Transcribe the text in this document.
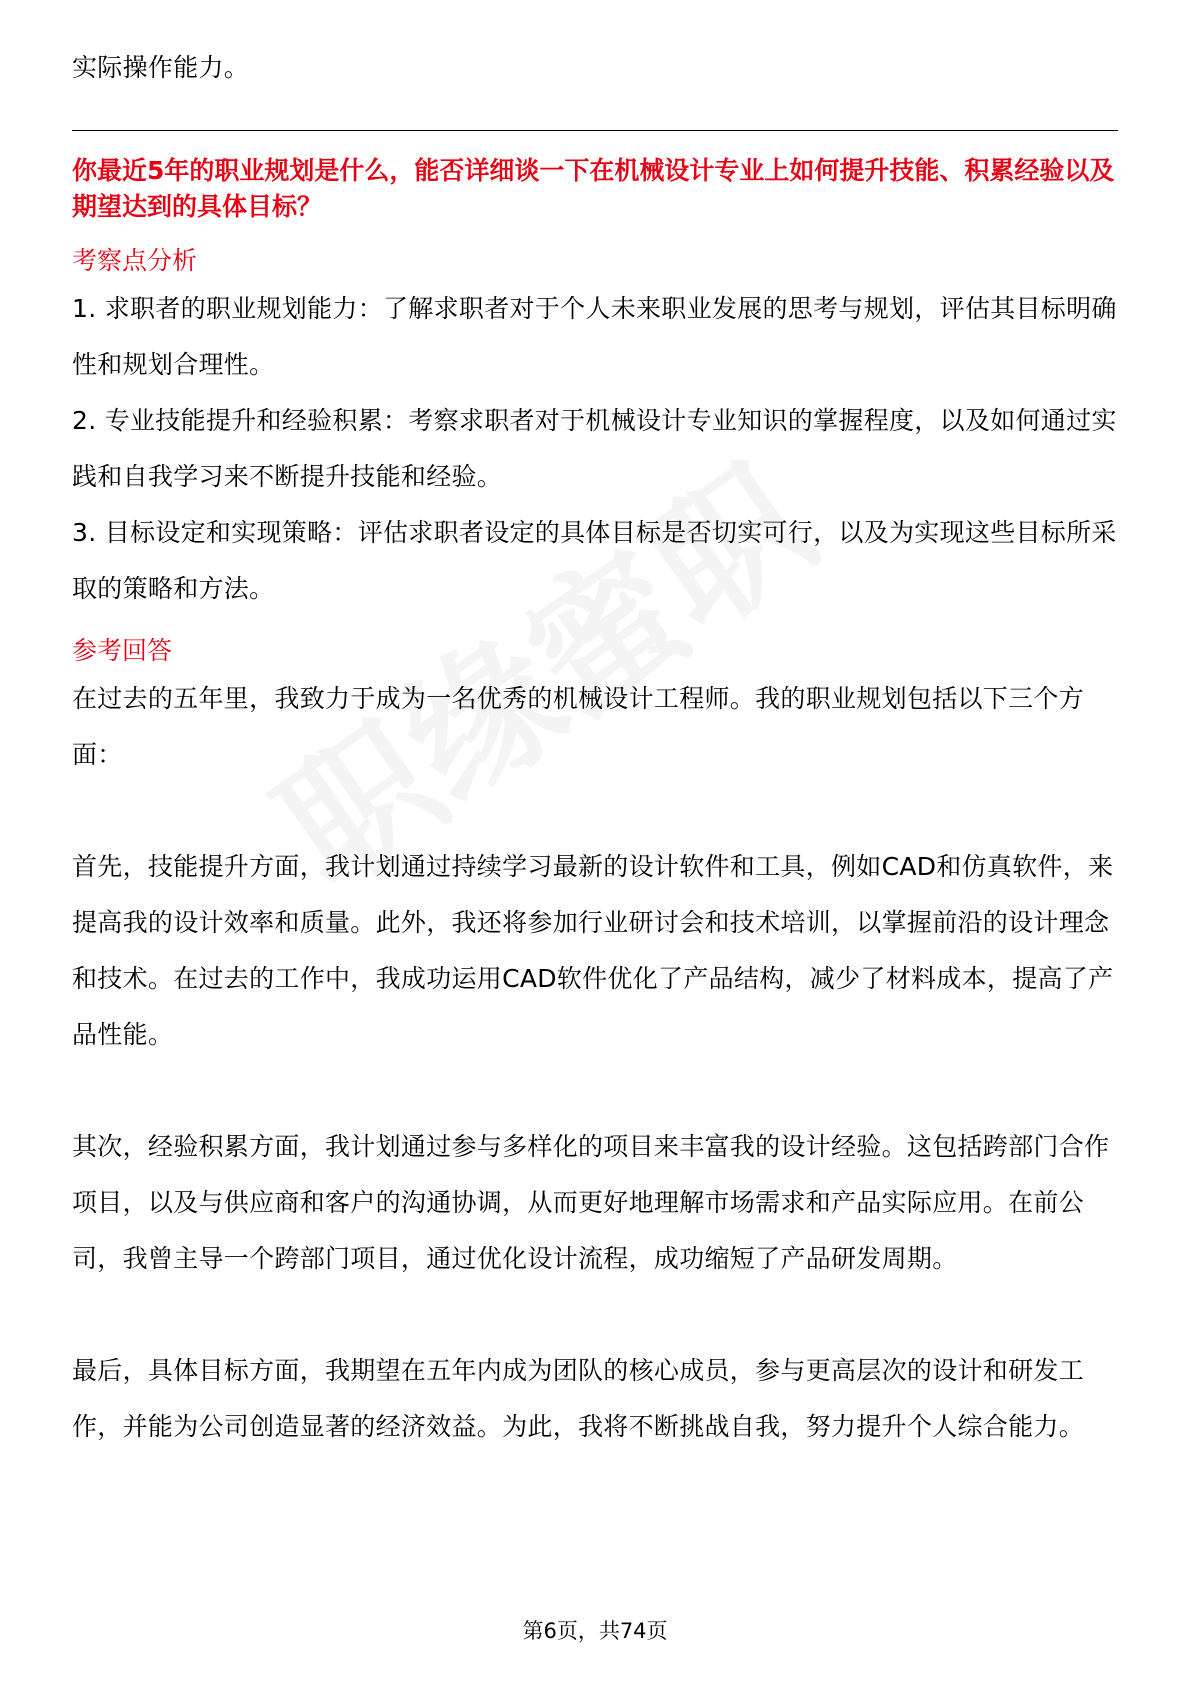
实际操作能力。

你最近5年的职业规划是什么，能否详细谈一下在机械设计专业上如何提升技能、积累经验以及期望达到的具体目标？

考察点分析

1. 求职者的职业规划能力：了解求职者对于个人未来职业发展的思考与规划，评估其目标明确性和规划合理性。

2. 专业技能提升和经验积累：考察求职者对于机械设计专业知识的掌握程度，以及如何通过实践和自我学习来不断提升技能和经验。

3. 目标设定和实现策略：评估求职者设定的具体目标是否切实可行，以及为实现这些目标所采取的策略和方法。

参考回答

在过去的五年里，我致力于成为一名优秀的机械设计工程师。我的职业规划包括以下三个方面：

首先，技能提升方面，我计划通过持续学习最新的设计软件和工具，例如CAD和仿真软件，来提高我的设计效率和质量。此外，我还将参加行业研讨会和技术培训，以掌握前沿的设计理念和技术。在过去的工作中，我成功运用CAD软件优化了产品结构，减少了材料成本，提高了产品性能。

其次，经验积累方面，我计划通过参与多样化的项目来丰富我的设计经验。这包括跨部门合作项目，以及与供应商和客户的沟通协调，从而更好地理解市场需求和产品实际应用。在前公司，我曾主导一个跨部门项目，通过优化设计流程，成功缩短了产品研发周期。

最后，具体目标方面，我期望在五年内成为团队的核心成员，参与更高层次的设计和研发工作，并能为公司创造显著的经济效益。为此，我将不断挑战自我，努力提升个人综合能力。

第6页，共74页
